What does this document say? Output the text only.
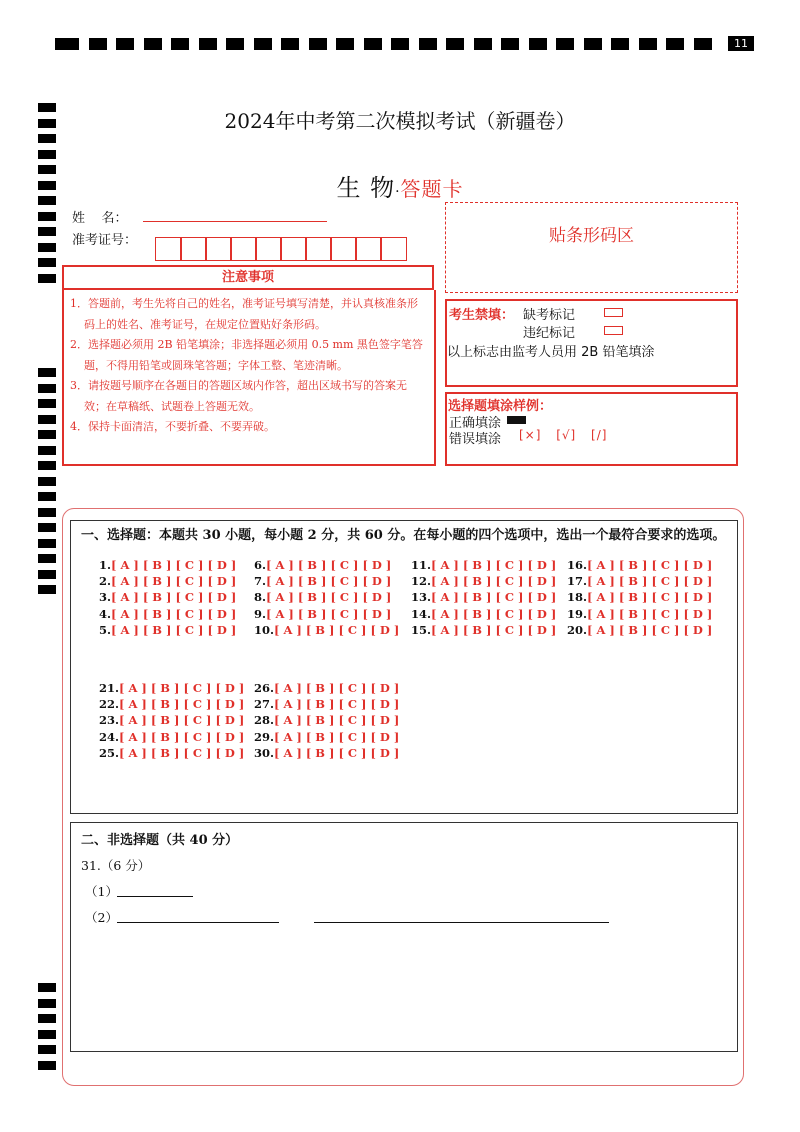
11
2024年中考第二次模拟考试（新疆卷）
生 物·答题卡
姓    名：
准考证号：
注意事项

1．答题前，考生先将自己的姓名，准考证号填写清楚，并认真核准条形码上的姓名、准考证号，在规定位置贴好条形码。

2．选择题必须用 2B 铅笔填涂；非选择题必须用 0.5 mm 黑色签字笔答题，不得用铅笔或圆珠笔答题；字体工整、笔迹清晰。

3．请按题号顺序在各题目的答题区域内作答，超出区域书写的答案无效；在草稿纸、试题卷上答题无效。

4．保持卡面清洁，不要折叠、不要弄破。

贴条形码区
考生禁填： 缺考标记
违纪标记
以上标志由监考人员用 2B 铅笔填涂
选择题填涂样例：
正确填涂
错误填涂 [×] [√] [/]
一、选择题：本题共 30 小题，每小题 2 分，共 60 分。在每小题的四个选项中，选出一个最符合要求的选项。
1.[ A ] [ B ] [ C ] [ D ]
2.[ A ] [ B ] [ C ] [ D ]
3.[ A ] [ B ] [ C ] [ D ]
4.[ A ] [ B ] [ C ] [ D ]
5.[ A ] [ B ] [ C ] [ D ]
6.[ A ] [ B ] [ C ] [ D ]
7.[ A ] [ B ] [ C ] [ D ]
8.[ A ] [ B ] [ C ] [ D ]
9.[ A ] [ B ] [ C ] [ D ]
10.[ A ] [ B ] [ C ] [ D ]
11.[ A ] [ B ] [ C ] [ D ]
12.[ A ] [ B ] [ C ] [ D ]
13.[ A ] [ B ] [ C ] [ D ]
14.[ A ] [ B ] [ C ] [ D ]
15.[ A ] [ B ] [ C ] [ D ]
16.[ A ] [ B ] [ C ] [ D ]
17.[ A ] [ B ] [ C ] [ D ]
18.[ A ] [ B ] [ C ] [ D ]
19.[ A ] [ B ] [ C ] [ D ]
20.[ A ] [ B ] [ C ] [ D ]
21.[ A ] [ B ] [ C ] [ D ]
22.[ A ] [ B ] [ C ] [ D ]
23.[ A ] [ B ] [ C ] [ D ]
24.[ A ] [ B ] [ C ] [ D ]
25.[ A ] [ B ] [ C ] [ D ]
26.[ A ] [ B ] [ C ] [ D ]
27.[ A ] [ B ] [ C ] [ D ]
28.[ A ] [ B ] [ C ] [ D ]
29.[ A ] [ B ] [ C ] [ D ]
30.[ A ] [ B ] [ C ] [ D ]
二、非选择题（共 40 分）
31.（6 分）
（1）
（2）
